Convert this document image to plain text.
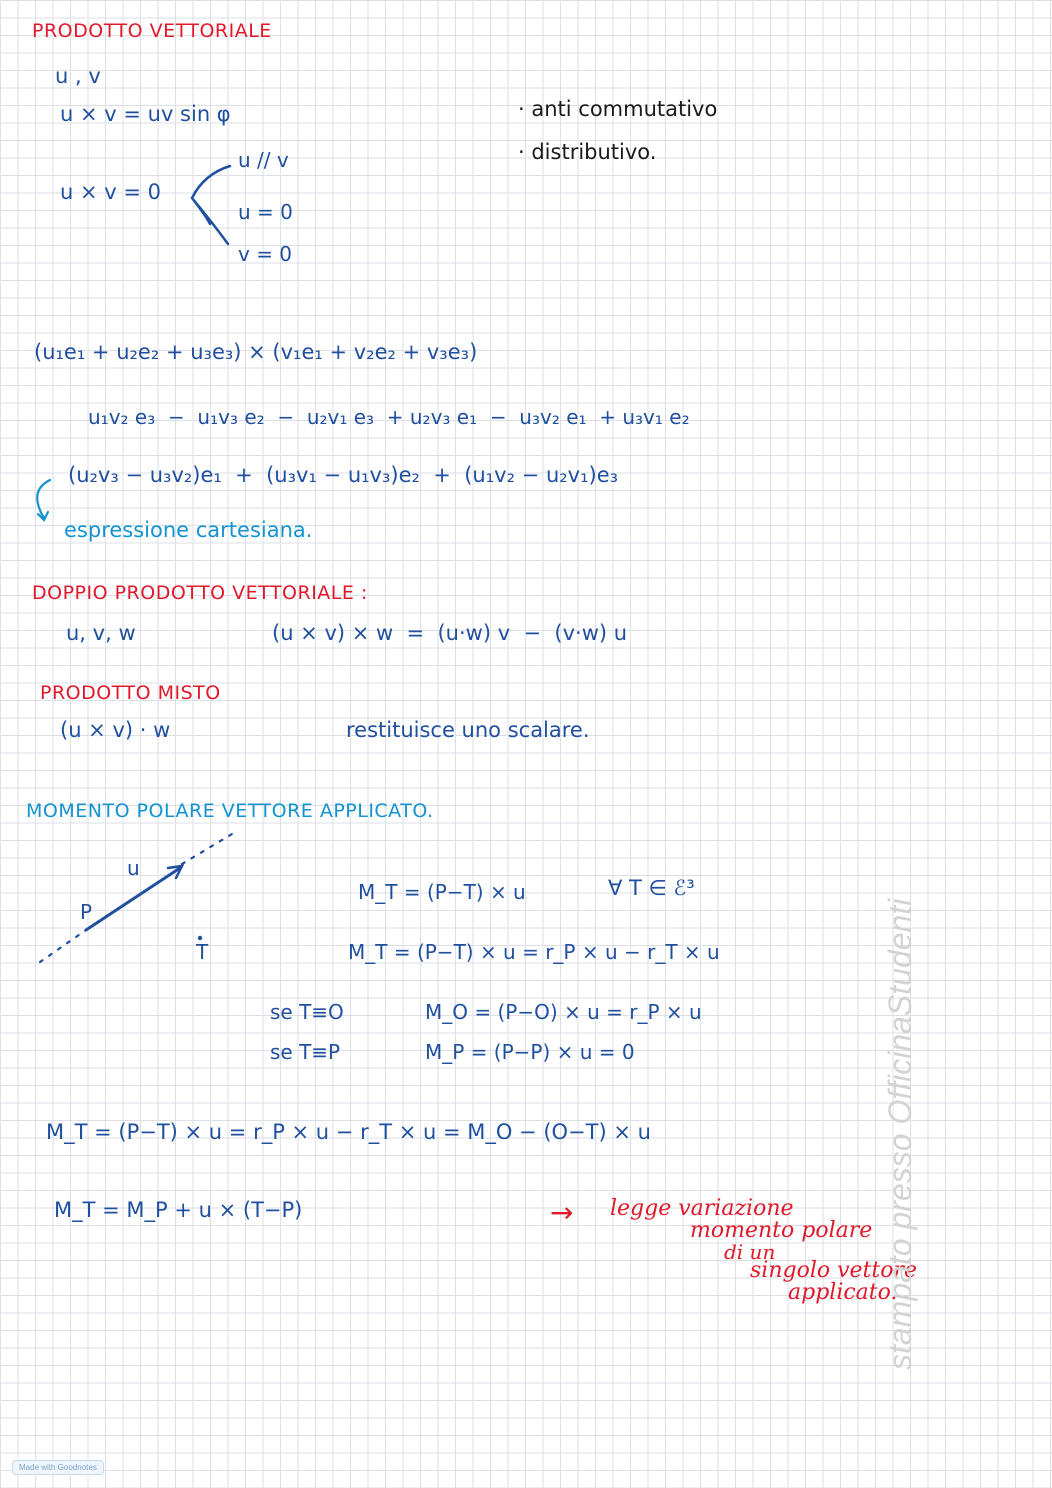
PRODOTTO VETTORIALE
u , v
u × v = uv sin φ
u × v = 0
u // v
u = 0
v = 0
· anti commutativo
· distributivo.
(u₁e₁ + u₂e₂ + u₃e₃) × (v₁e₁ + v₂e₂ + v₃e₃)
u₁v₂ e₃  −  u₁v₃ e₂  −  u₂v₁ e₃  + u₂v₃ e₁  −  u₃v₂ e₁  + u₃v₁ e₂
(u₂v₃ − u₃v₂)e₁  +  (u₃v₁ − u₁v₃)e₂  +  (u₁v₂ − u₂v₁)e₃
espressione cartesiana.
DOPPIO PRODOTTO VETTORIALE :
u, v, w	(u × v) × w  =  (u·w) v  −  (v·w) u
PRODOTTO MISTO
(u × v) · w	restituisce uno scalare.
MOMENTO POLARE VETTORE APPLICATO.
u
P
T
M_T = (P−T) × u	∀ T ∈ ℰ³
M_T = (P−T) × u = r_P × u − r_T × u
se T≡O	M_O = (P−O) × u = r_P × u
se T≡P	M_P = (P−P) × u = 0
M_T = (P−T) × u = r_P × u − r_T × u = M_O − (O−T) × u
M_T = M_P + u × (T−P)	→ legge variazione
momento polare
di un
singolo vettore
applicato.
stampato presso OfficinaStudenti
Made with Goodnotes
